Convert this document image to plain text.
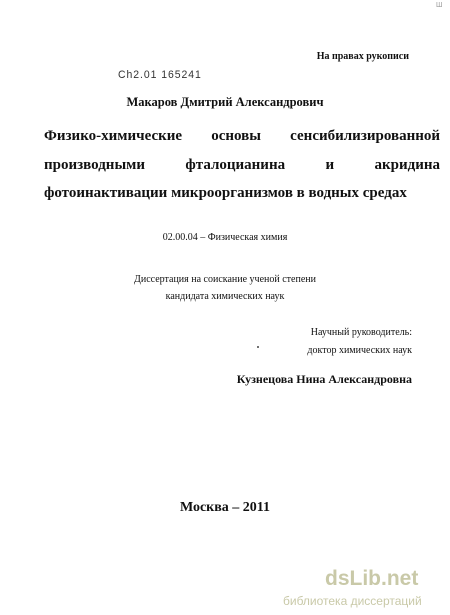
Ш
На правах рукописи
Ch2.01 165241
Макаров Дмитрий Александрович
Физико-химические основы сенсибилизированной
производными фталоцианина и акридина
фотоинактивации микроорганизмов в водных средах
02.00.04 – Физическая химия
Диссертация на соискание ученой степени
кандидата химических наук
Научный руководитель:
доктор химических наук
Кузнецова Нина Александровна
Москва – 2011
dsLib.net
библиотека диссертаций
